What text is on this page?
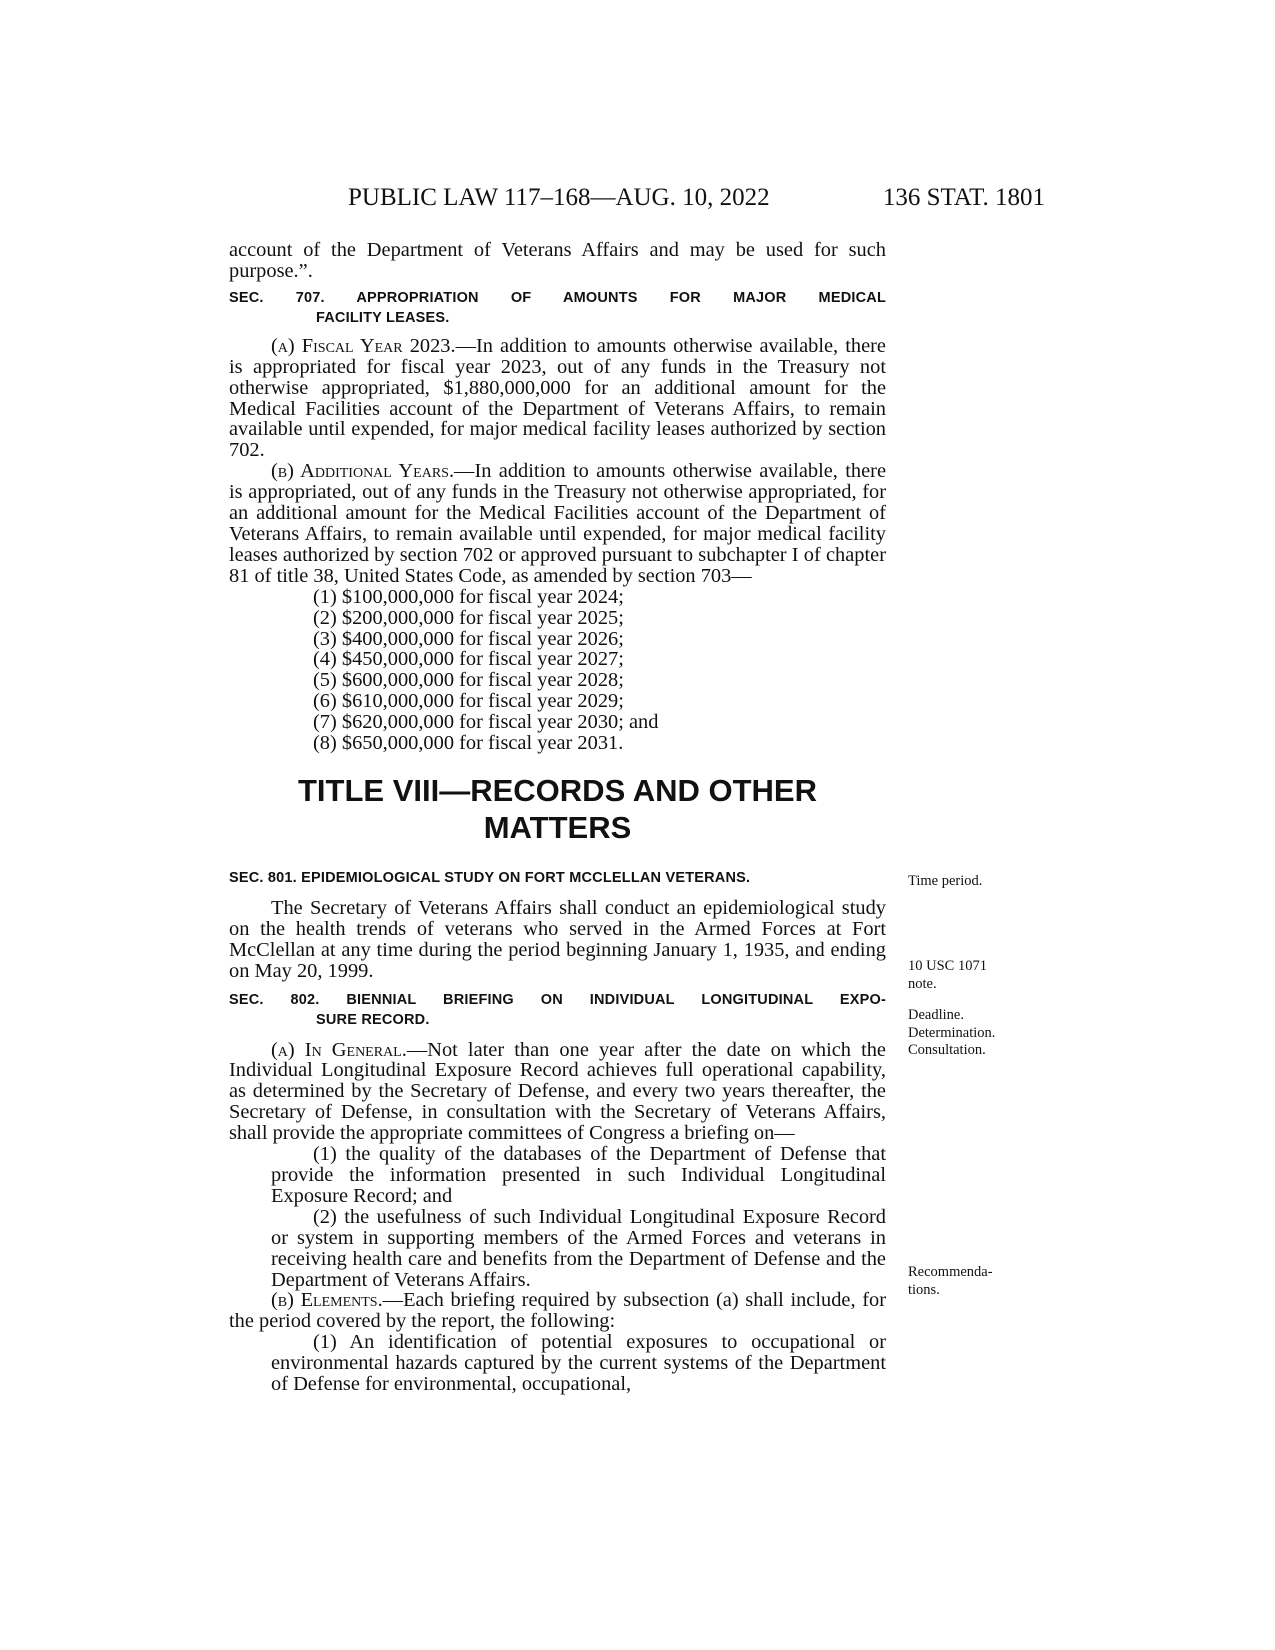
PUBLIC LAW 117–168—AUG. 10, 2022	136 STAT. 1801

account of the Department of Veterans Affairs and may be used for such purpose.”.

SEC. 707. APPROPRIATION OF AMOUNTS FOR MAJOR MEDICAL
FACILITY LEASES.

(a) Fiscal Year 2023.—In addition to amounts otherwise available, there is appropriated for fiscal year 2023, out of any funds in the Treasury not otherwise appropriated, $1,880,000,000 for an additional amount for the Medical Facilities account of the Department of Veterans Affairs, to remain available until expended, for major medical facility leases authorized by section 702.

(b) Additional Years.—In addition to amounts otherwise available, there is appropriated, out of any funds in the Treasury not otherwise appropriated, for an additional amount for the Medical Facilities account of the Department of Veterans Affairs, to remain available until expended, for major medical facility leases authorized by section 702 or approved pursuant to subchapter I of chapter 81 of title 38, United States Code, as amended by section 703—

(1) $100,000,000 for fiscal year 2024;

(2) $200,000,000 for fiscal year 2025;

(3) $400,000,000 for fiscal year 2026;

(4) $450,000,000 for fiscal year 2027;

(5) $600,000,000 for fiscal year 2028;

(6) $610,000,000 for fiscal year 2029;

(7) $620,000,000 for fiscal year 2030; and

(8) $650,000,000 for fiscal year 2031.

TITLE VIII—RECORDS AND OTHER
MATTERS
SEC. 801. EPIDEMIOLOGICAL STUDY ON FORT MCCLELLAN VETERANS.

The Secretary of Veterans Affairs shall conduct an epidemiological study on the health trends of veterans who served in the Armed Forces at Fort McClellan at any time during the period beginning January 1, 1935, and ending on May 20, 1999.

SEC. 802. BIENNIAL BRIEFING ON INDIVIDUAL LONGITUDINAL EXPO-
SURE RECORD.

(a) In General.—Not later than one year after the date on which the Individual Longitudinal Exposure Record achieves full operational capability, as determined by the Secretary of Defense, and every two years thereafter, the Secretary of Defense, in consultation with the Secretary of Veterans Affairs, shall provide the appropriate committees of Congress a briefing on—

(1) the quality of the databases of the Department of Defense that provide the information presented in such Individual Longitudinal Exposure Record; and

(2) the usefulness of such Individual Longitudinal Exposure Record or system in supporting members of the Armed Forces and veterans in receiving health care and benefits from the Department of Defense and the Department of Veterans Affairs.

(b) Elements.—Each briefing required by subsection (a) shall include, for the period covered by the report, the following:

(1) An identification of potential exposures to occupational or environmental hazards captured by the current systems of the Department of Defense for environmental, occupational,

Time period.
10 USC 1071
note.
Deadline.
Determination.
Consultation.
Recommenda-
tions.
